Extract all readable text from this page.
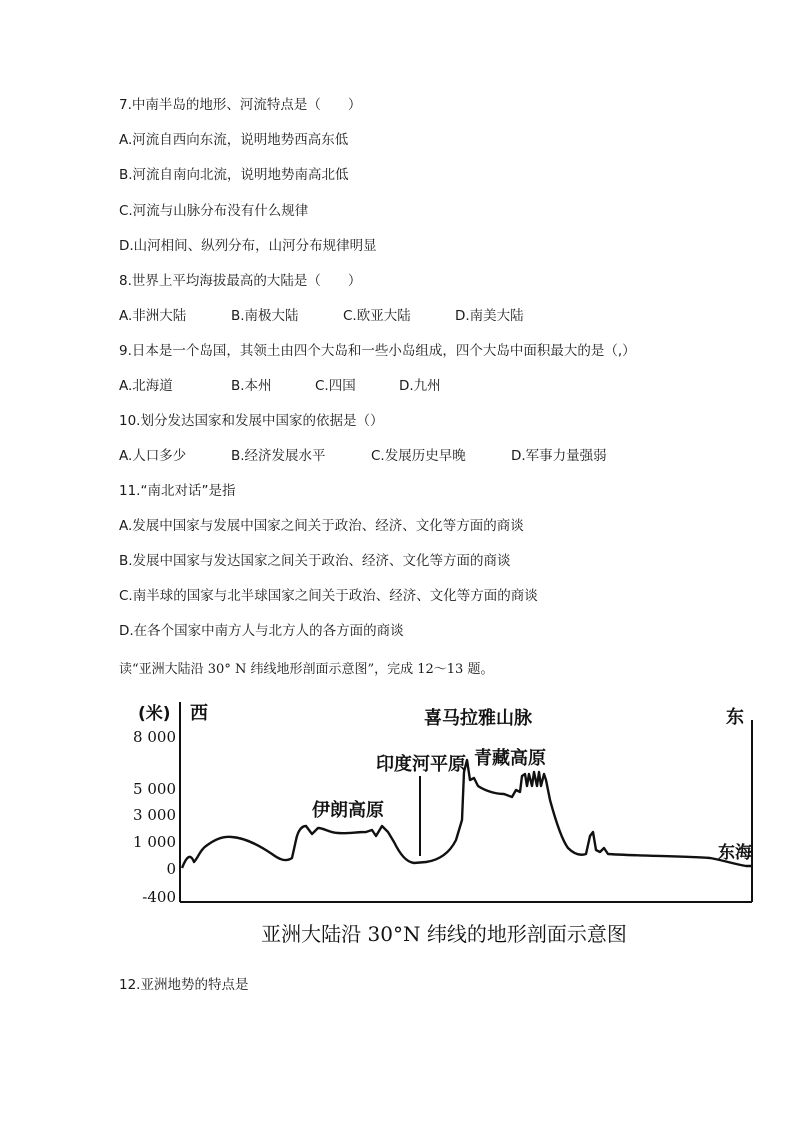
7.中南半岛的地形、河流特点是（　　）
A.河流自西向东流，说明地势西高东低
B.河流自南向北流，说明地势南高北低
C.河流与山脉分布没有什么规律
D.山河相间、纵列分布，山河分布规律明显
8.世界上平均海拔最高的大陆是（　　）
A.非洲大陆	B.南极大陆	C.欧亚大陆	D.南美大陆
9.日本是一个岛国，其领土由四个大岛和一些小岛组成，四个大岛中面积最大的是（,）
A.北海道	B.本州	C.四国	D.九州
10.划分发达国家和发展中国家的依据是（）
A.人口多少	B.经济发展水平	C.发展历史早晚	D.军事力量强弱
11.“南北对话”是指
A.发展中国家与发展中国家之间关于政治、经济、文化等方面的商谈
B.发展中国家与发达国家之间关于政治、经济、文化等方面的商谈
C.南半球的国家与北半球国家之间关于政治、经济、文化等方面的商谈
D.在各个国家中南方人与北方人的各方面的商谈
读“亚洲大陆沿 30° N 纬线地形剖面示意图”，完成 12～13 题。
(米) 西	东
8 000
5 000
3 000
1 000
0
-400
喜马拉雅山脉
印度河平原 青藏高原
伊朗高原
东海
亚洲大陆沿 30°N 纬线的地形剖面示意图
12.亚洲地势的特点是
